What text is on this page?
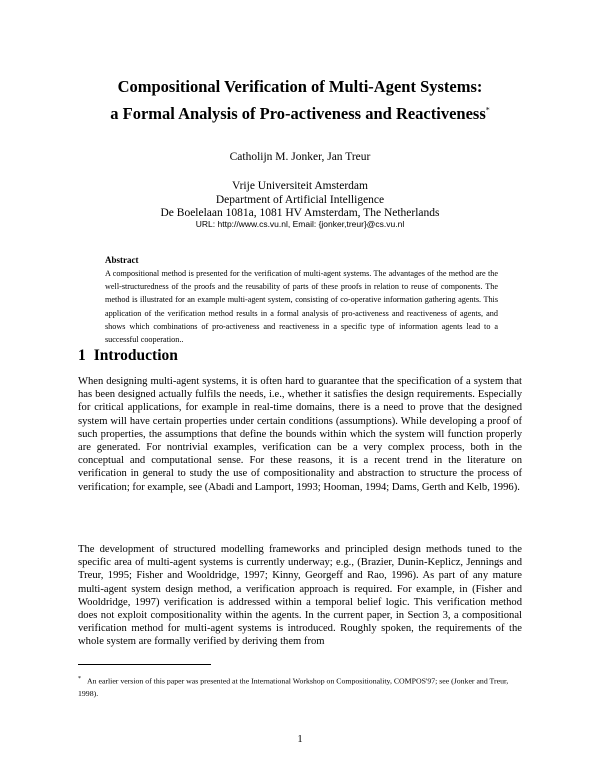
Compositional Verification of Multi-Agent Systems:
a Formal Analysis of Pro-activeness and Reactiveness*
Catholijn M. Jonker, Jan Treur
Vrije Universiteit Amsterdam
Department of Artificial Intelligence
De Boelelaan 1081a, 1081 HV Amsterdam, The Netherlands
URL: http://www.cs.vu.nl, Email: {jonker,treur}@cs.vu.nl
Abstract
A compositional method is presented for the verification of multi-agent systems. The advantages of the method are the well-structuredness of the proofs and the reusability of parts of these proofs in relation to reuse of components. The method is illustrated for an example multi-agent system, consisting of co-operative information gathering agents. This application of the verification method results in a formal analysis of pro-activeness and reactiveness of agents, and shows which combinations of pro-activeness and reactiveness in a specific type of information agents lead to a successful cooperation..
1 Introduction
When designing multi-agent systems, it is often hard to guarantee that the specification of a system that has been designed actually fulfils the needs, i.e., whether it satisfies the design requirements. Especially for critical applications, for example in real-time domains, there is a need to prove that the designed system will have certain properties under certain conditions (assumptions). While developing a proof of such properties, the assumptions that define the bounds within which the system will function properly are generated. For nontrivial examples, verification can be a very complex process, both in the conceptual and computational sense. For these reasons, it is a recent trend in the literature on verification in general to study the use of compositionality and abstraction to structure the process of verification; for example, see (Abadi and Lamport, 1993; Hooman, 1994; Dams, Gerth and Kelb, 1996).
The development of structured modelling frameworks and principled design methods tuned to the specific area of multi-agent systems is currently underway; e.g., (Brazier, Dunin-Keplicz, Jennings and Treur, 1995; Fisher and Wooldridge, 1997; Kinny, Georgeff and Rao, 1996). As part of any mature multi-agent system design method, a verification approach is required. For example, in (Fisher and Wooldridge, 1997) verification is addressed within a temporal belief logic. This verification method does not exploit compositionality within the agents. In the current paper, in Section 3, a compositional verification method for multi-agent systems is introduced. Roughly spoken, the requirements of the whole system are formally verified by deriving them from
* An earlier version of this paper was presented at the International Workshop on Compositionality, COMPOS'97; see (Jonker and Treur, 1998).
1
